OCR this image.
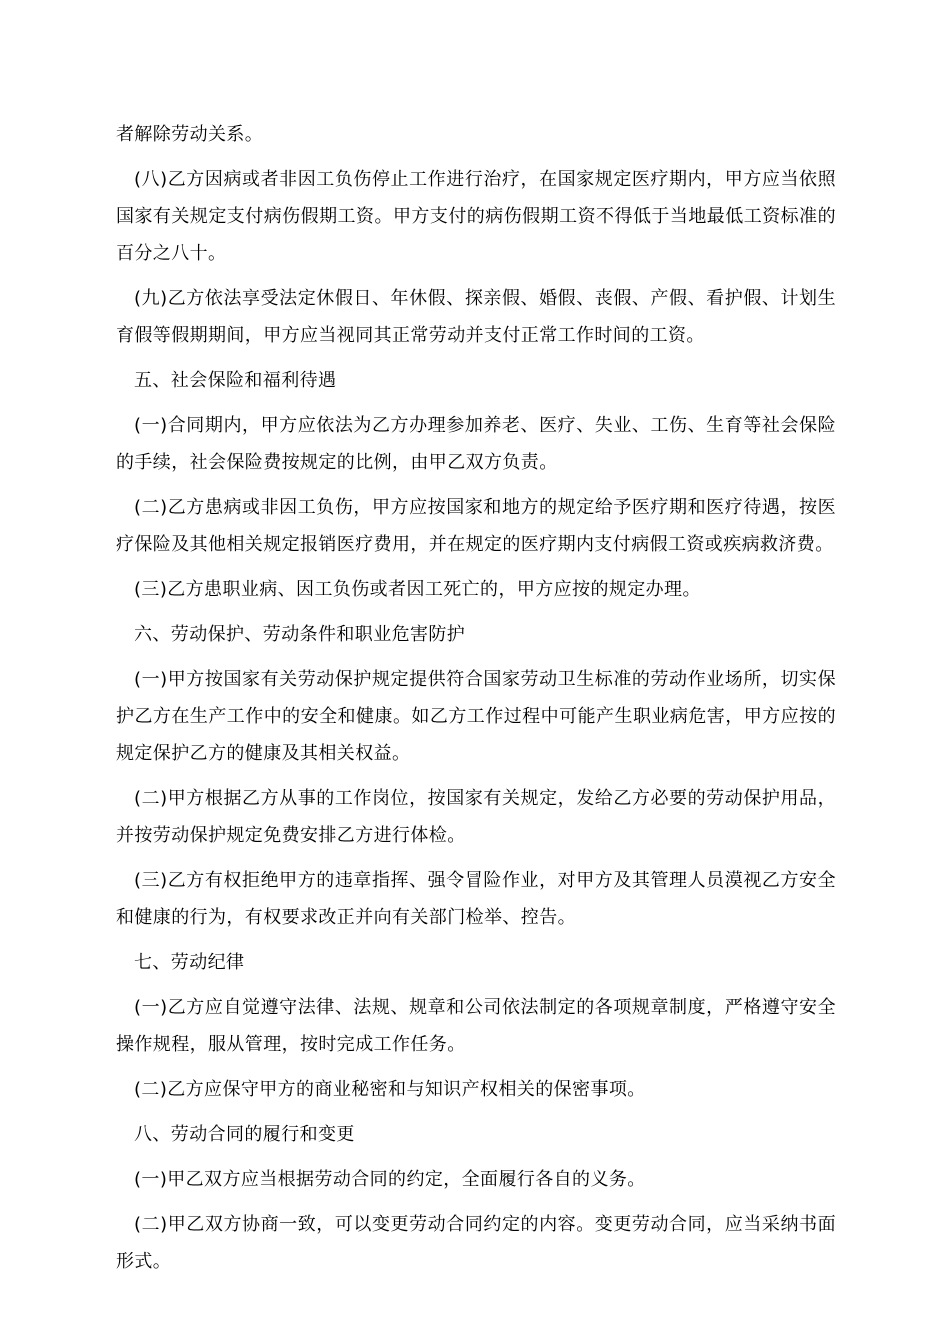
者解除劳动关系。

(八)乙方因病或者非因工负伤停止工作进行治疗，在国家规定医疗期内，甲方应当依照国家有关规定支付病伤假期工资。甲方支付的病伤假期工资不得低于当地最低工资标准的百分之八十。

(九)乙方依法享受法定休假日、年休假、探亲假、婚假、丧假、产假、看护假、计划生育假等假期期间，甲方应当视同其正常劳动并支付正常工作时间的工资。

五、社会保险和福利待遇

(一)合同期内，甲方应依法为乙方办理参加养老、医疗、失业、工伤、生育等社会保险的手续，社会保险费按规定的比例，由甲乙双方负责。

(二)乙方患病或非因工负伤，甲方应按国家和地方的规定给予医疗期和医疗待遇，按医疗保险及其他相关规定报销医疗费用，并在规定的医疗期内支付病假工资或疾病救济费。

(三)乙方患职业病、因工负伤或者因工死亡的，甲方应按的规定办理。

六、劳动保护、劳动条件和职业危害防护

(一)甲方按国家有关劳动保护规定提供符合国家劳动卫生标准的劳动作业场所，切实保护乙方在生产工作中的安全和健康。如乙方工作过程中可能产生职业病危害，甲方应按的规定保护乙方的健康及其相关权益。

(二)甲方根据乙方从事的工作岗位，按国家有关规定，发给乙方必要的劳动保护用品，并按劳动保护规定免费安排乙方进行体检。

(三)乙方有权拒绝甲方的违章指挥、强令冒险作业，对甲方及其管理人员漠视乙方安全和健康的行为，有权要求改正并向有关部门检举、控告。

七、劳动纪律

(一)乙方应自觉遵守法律、法规、规章和公司依法制定的各项规章制度，严格遵守安全操作规程，服从管理，按时完成工作任务。

(二)乙方应保守甲方的商业秘密和与知识产权相关的保密事项。

八、劳动合同的履行和变更

(一)甲乙双方应当根据劳动合同的约定，全面履行各自的义务。

(二)甲乙双方协商一致，可以变更劳动合同约定的内容。变更劳动合同，应当采纳书面形式。
